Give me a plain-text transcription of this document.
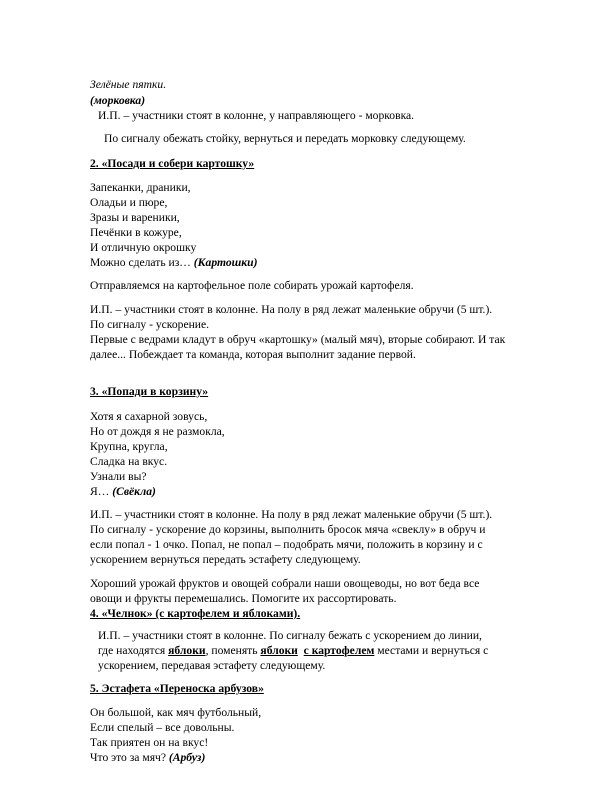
Зелёные пятки.
(морковка)
И.П. – участники стоят в колонне, у направляющего - морковка.
По сигналу обежать стойку, вернуться и передать морковку следующему.
2. «Посади и собери картошку»
Запеканки, драники,
Оладьи и пюре,
Зразы и вареники,
Печёнки в кожуре,
И отличную окрошку
Можно сделать из… (Картошки)
Отправляемся на картофельное поле собирать урожай картофеля.
И.П. – участники стоят в колонне. На полу в ряд лежат маленькие обручи (5 шт.).
По сигналу - ускорение.
Первые с ведрами кладут в обруч «картошку» (малый мяч), вторые собирают. И так
далее... Побеждает та команда, которая выполнит задание первой.
3. «Попади в корзину»
Хотя я сахарной зовусь,
Но от дождя я не размокла,
Крупна, кругла,
Сладка на вкус.
Узнали вы?
Я… (Свёкла)
И.П. – участники стоят в колонне. На полу в ряд лежат маленькие обручи (5 шт.).
По сигналу - ускорение до корзины, выполнить бросок мяча «свеклу» в обруч и
если попал - 1 очко. Попал, не попал – подобрать мячи, положить в корзину и с
ускорением вернуться передать эстафету следующему.
Хороший урожай фруктов и овощей собрали наши овощеводы, но вот беда все
овощи и фрукты перемешались. Помогите их рассортировать.
4. «Челнок» (с картофелем и яблоками).
И.П. – участники стоят в колонне. По сигналу бежать с ускорением до линии,
где находятся яблоки, поменять яблоки с картофелем местами и вернуться с
ускорением, передавая эстафету следующему.
5. Эстафета «Переноска арбузов»
Он большой, как мяч футбольный,
Если спелый – все довольны.
Так приятен он на вкус!
Что это за мяч? (Арбуз)
